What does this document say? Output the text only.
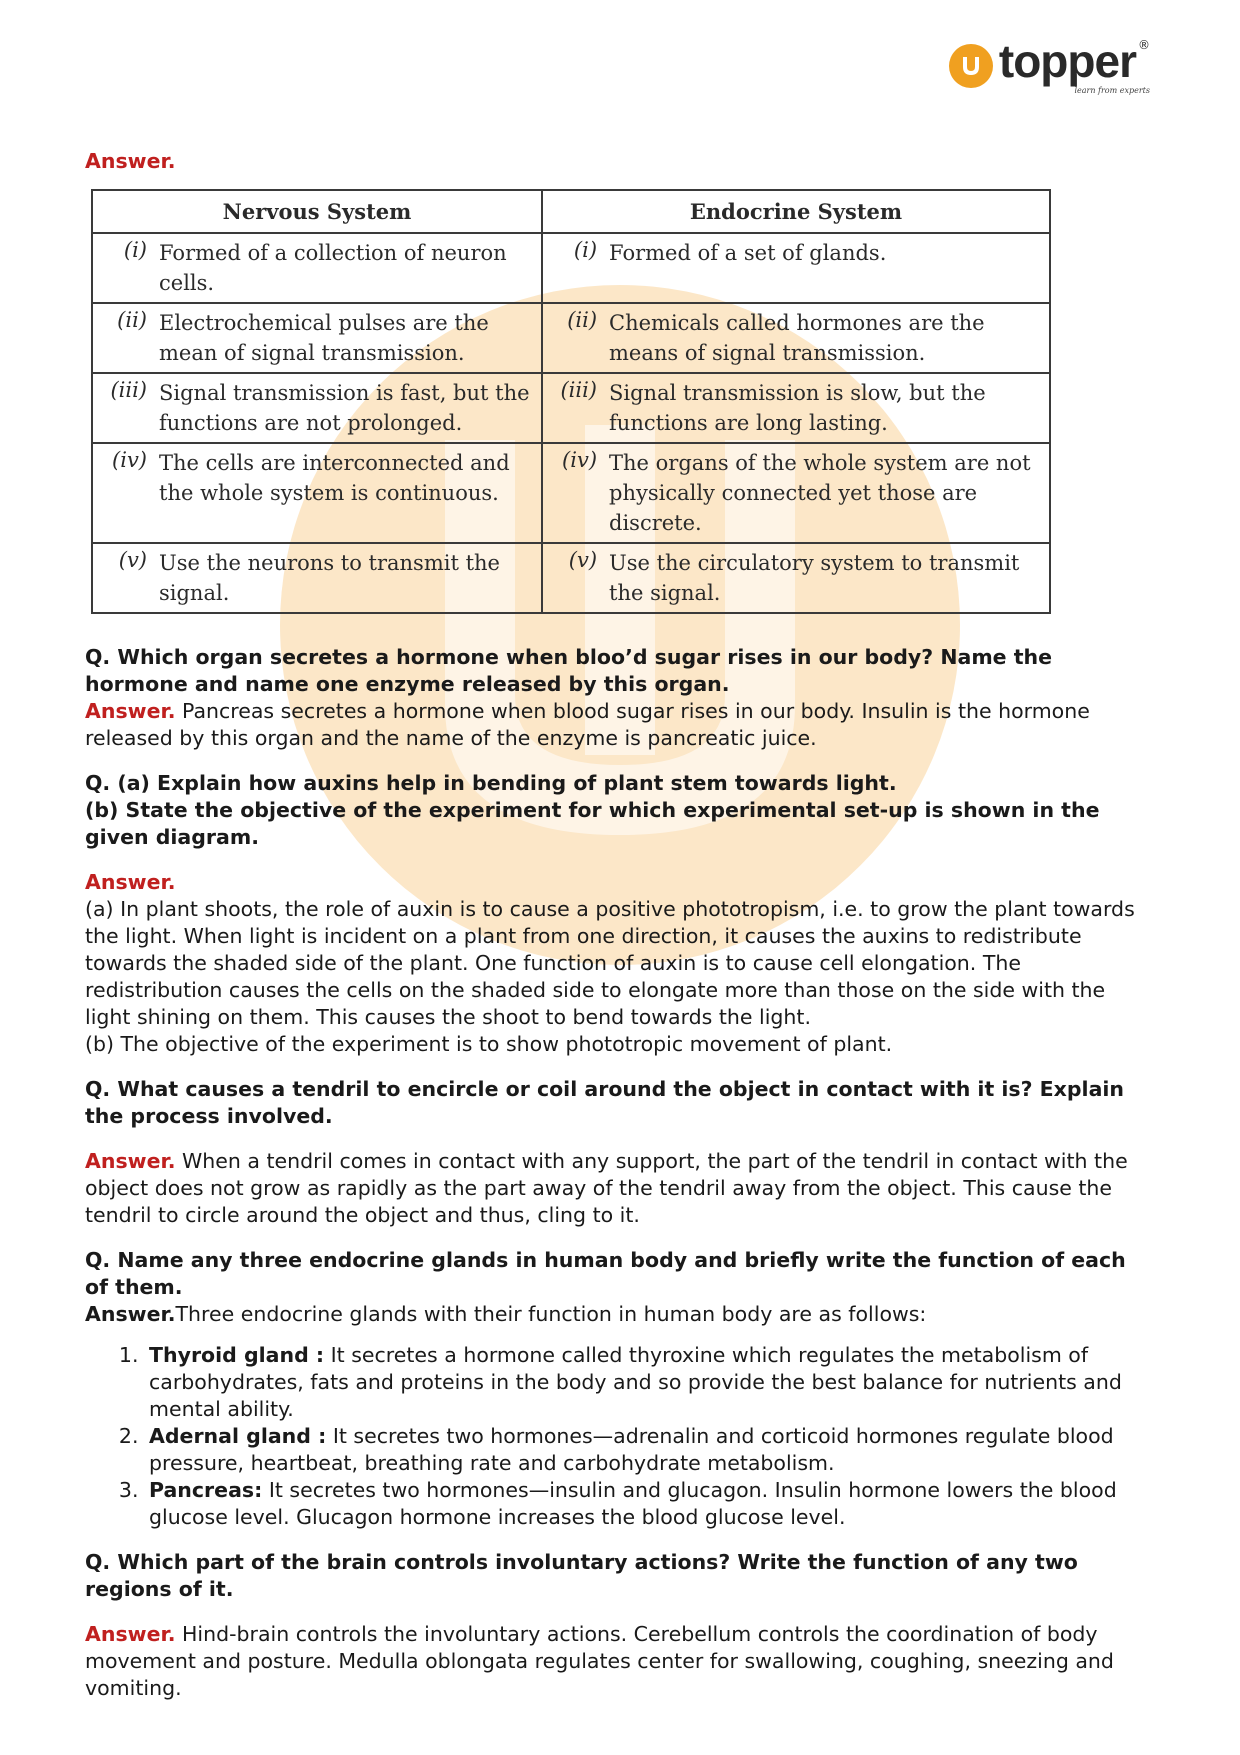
topper ®
learn from experts

Answer.

Nervous System	Endocrine System

(i) Formed of a collection of neuron cells.	(i) Formed of a set of glands.

(ii) Electrochemical pulses are the mean of signal transmission.	(ii) Chemicals called hormones are the means of signal transmission.

(iii) Signal transmission is fast, but the functions are not prolonged.	(iii) Signal transmission is slow, but the functions are long lasting.

(iv) The cells are interconnected and the whole system is continuous.	(iv) The organs of the whole system are not physically connected yet those are discrete.

(v) Use the neurons to transmit the signal.	(v) Use the circulatory system to transmit the signal.

Q. Which organ secretes a hormone when bloo’d sugar rises in our body? Name the hormone and name one enzyme released by this organ.

Answer. Pancreas secretes a hormone when blood sugar rises in our body. Insulin is the hormone released by this organ and the name of the enzyme is pancreatic juice.

Q. (a) Explain how auxins help in bending of plant stem towards light.

(b) State the objective of the experiment for which experimental set-up is shown in the given diagram.

Answer.

(a) In plant shoots, the role of auxin is to cause a positive phototropism, i.e. to grow the plant towards the light. When light is incident on a plant from one direction, it causes the auxins to redistribute towards the shaded side of the plant. One function of auxin is to cause cell elongation. The redistribution causes the cells on the shaded side to elongate more than those on the side with the light shining on them. This causes the shoot to bend towards the light.

(b) The objective of the experiment is to show phototropic movement of plant.

Q. What causes a tendril to encircle or coil around the object in contact with it is? Explain the process involved.

Answer. When a tendril comes in contact with any support, the part of the tendril in contact with the object does not grow as rapidly as the part away of the tendril away from the object. This cause the tendril to circle around the object and thus, cling to it.

Q. Name any three endocrine glands in human body and briefly write the function of each of them.

Answer.Three endocrine glands with their function in human body are as follows:

1. Thyroid gland : It secretes a hormone called thyroxine which regulates the metabolism of carbohydrates, fats and proteins in the body and so provide the best balance for nutrients and mental ability.
2. Adernal gland : It secretes two hormones—adrenalin and corticoid hormones regulate blood pressure, heartbeat, breathing rate and carbohydrate metabolism.
3. Pancreas: It secretes two hormones—insulin and glucagon. Insulin hormone lowers the blood glucose level. Glucagon hormone increases the blood glucose level.

Q. Which part of the brain controls involuntary actions? Write the function of any two regions of it.

Answer. Hind-brain controls the involuntary actions. Cerebellum controls the coordination of body movement and posture. Medulla oblongata regulates center for swallowing, coughing, sneezing and vomiting.
